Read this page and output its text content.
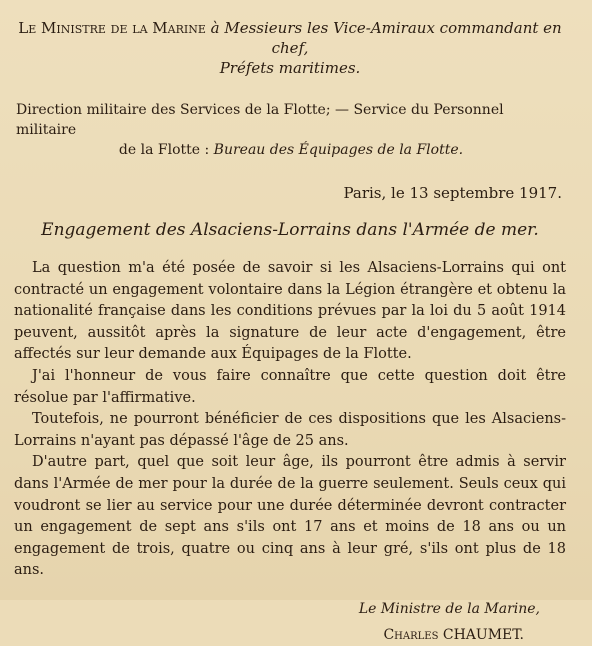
Le Ministre de la Marine à Messieurs les Vice-Amiraux commandant en chef,
Préfets maritimes.
Direction militaire des Services de la Flotte; — Service du Personnel militaire
de la Flotte : Bureau des Équipages de la Flotte.
Paris, le 13 septembre 1917.
Engagement des Alsaciens-Lorrains dans l'Armée de mer.

La question m'a été posée de savoir si les Alsaciens-Lorrains qui ont contracté un engagement volontaire dans la Légion étrangère et obtenu la nationalité française dans les conditions prévues par la loi du 5 août 1914 peuvent, aussitôt après la signature de leur acte d'engagement, être affectés sur leur demande aux Équipages de la Flotte.

J'ai l'honneur de vous faire connaître que cette question doit être résolue par l'affirmative.

Toutefois, ne pourront bénéficier de ces dispositions que les Alsaciens-Lorrains n'ayant pas dépassé l'âge de 25 ans.

D'autre part, quel que soit leur âge, ils pourront être admis à servir dans l'Armée de mer pour la durée de la guerre seulement. Seuls ceux qui voudront se lier au service pour une durée déterminée devront contracter un engagement de sept ans s'ils ont 17 ans et moins de 18 ans ou un engagement de trois, quatre ou cinq ans à leur gré, s'ils ont plus de 18 ans.

Le Ministre de la Marine,
Charles CHAUMET.
